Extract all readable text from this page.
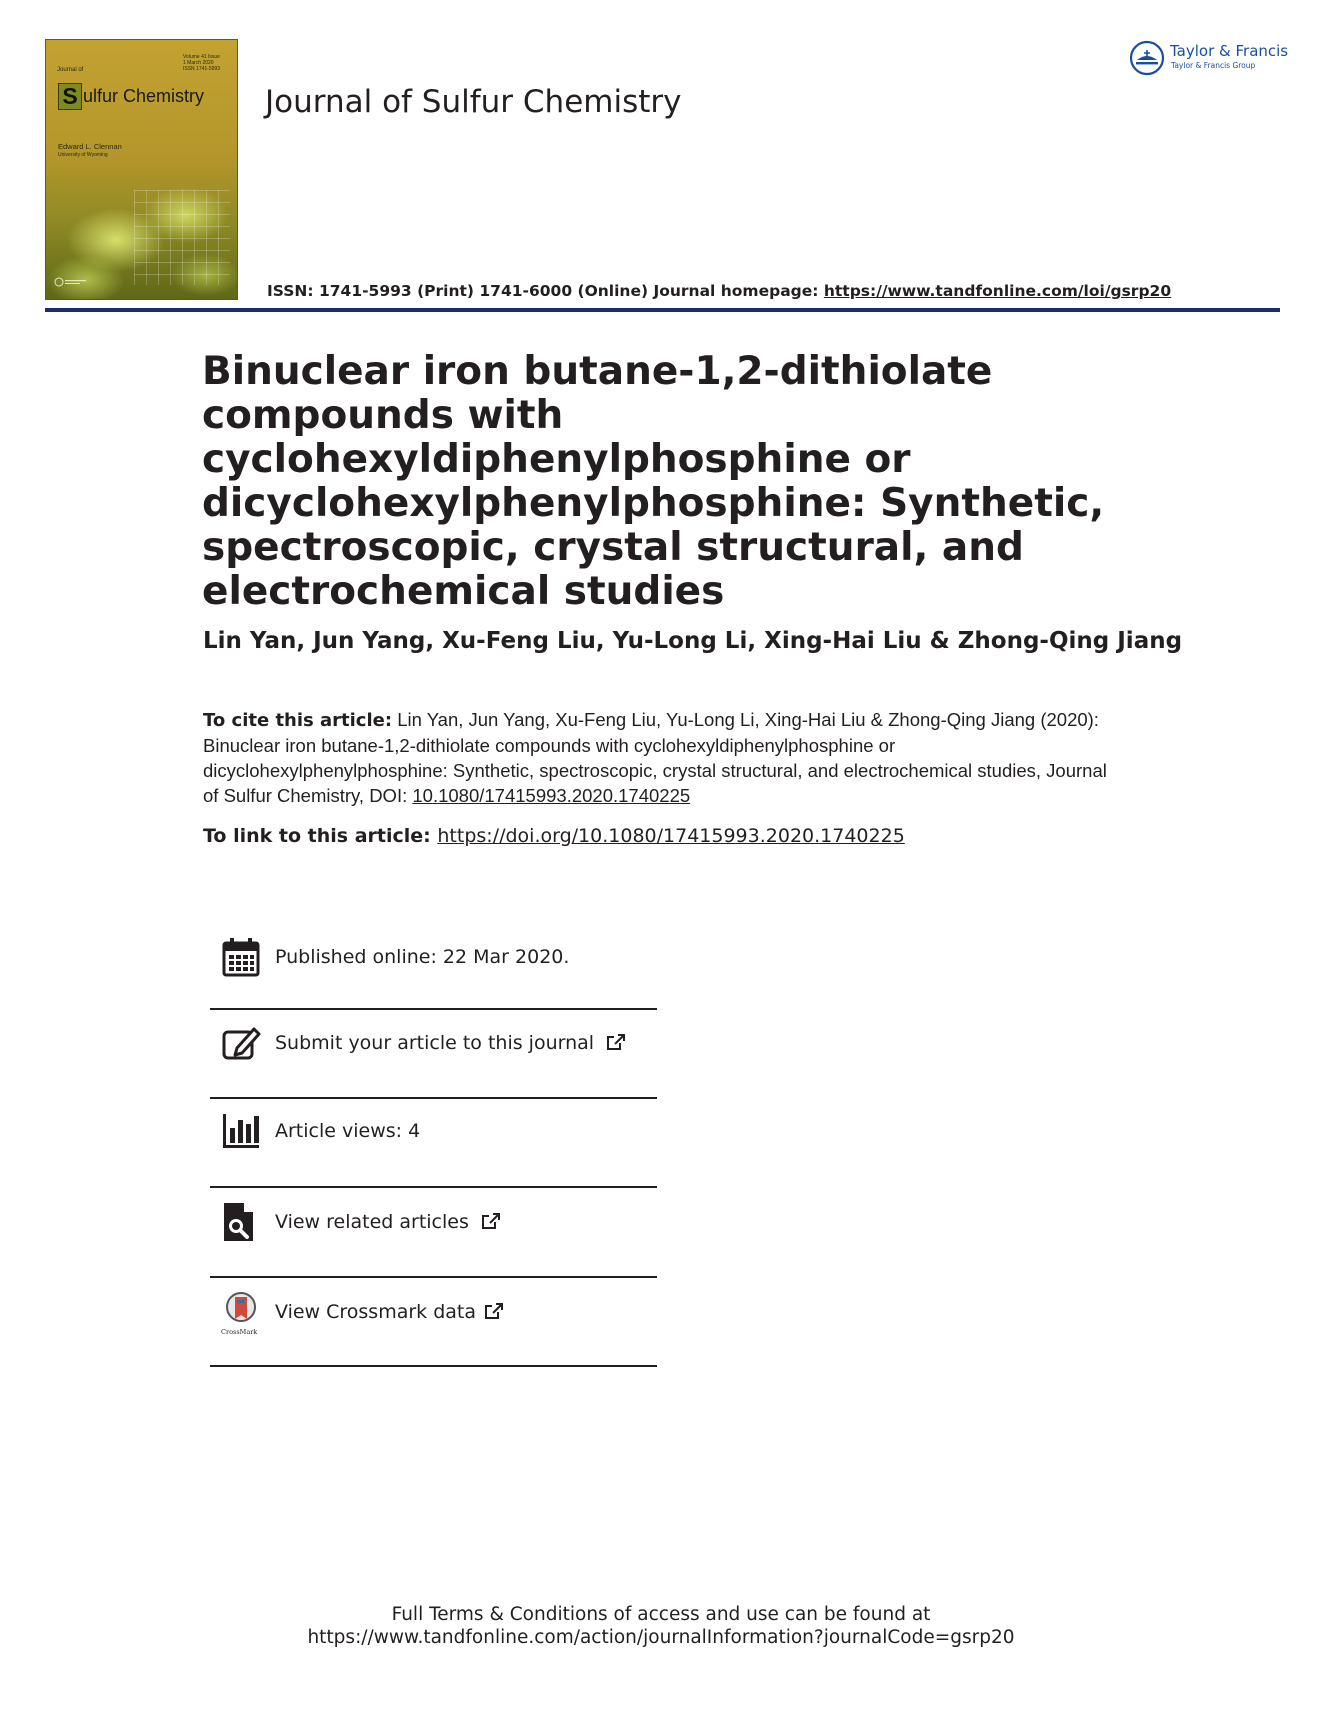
Volume 41 Issue 1 March 2020 ISSN 1741-5993
Journal of
S ulfur Chemistry
Edward L. Clennan
University of Wyoming
Journal of Sulfur Chemistry
Taylor & Francis
Taylor & Francis Group
ISSN: 1741-5993 (Print) 1741-6000 (Online) Journal homepage: https://www.tandfonline.com/loi/gsrp20
Binuclear iron butane-1,2-dithiolate compounds with cyclohexyldiphenylphosphine or dicyclohexylphenylphosphine: Synthetic, spectroscopic, crystal structural, and electrochemical studies
Lin Yan, Jun Yang, Xu-Feng Liu, Yu-Long Li, Xing-Hai Liu & Zhong-Qing Jiang
To cite this article: Lin Yan, Jun Yang, Xu-Feng Liu, Yu-Long Li, Xing-Hai Liu & Zhong-Qing Jiang (2020): Binuclear iron butane-1,2-dithiolate compounds with cyclohexyldiphenylphosphine or dicyclohexylphenylphosphine: Synthetic, spectroscopic, crystal structural, and electrochemical studies, Journal of Sulfur Chemistry, DOI: 10.1080/17415993.2020.1740225
To link to this article: https://doi.org/10.1080/17415993.2020.1740225
Published online: 22 Mar 2020.
Submit your article to this journal
Article views: 4
View related articles
CrossMark
View Crossmark data
Full Terms & Conditions of access and use can be found at
https://www.tandfonline.com/action/journalInformation?journalCode=gsrp20
